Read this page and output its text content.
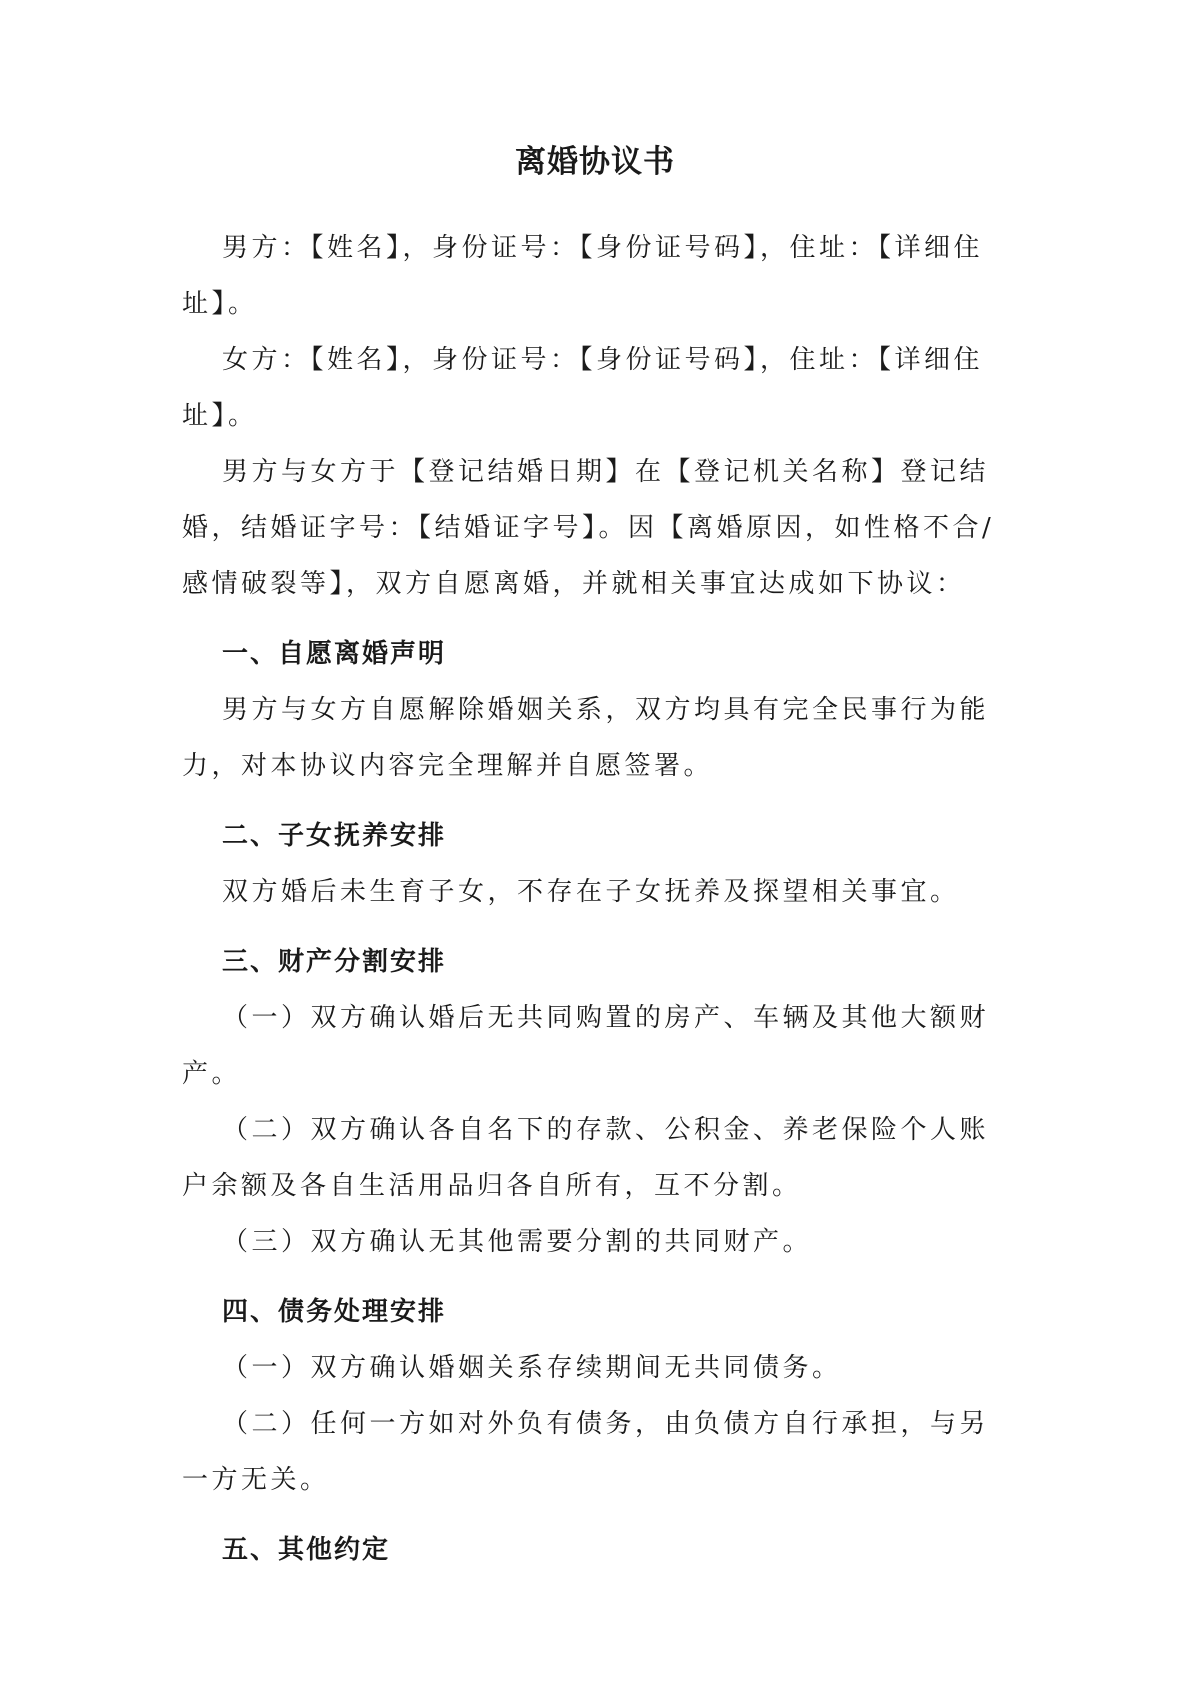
离婚协议书

男方：【姓名】，身份证号：【身份证号码】，住址：【详细住址】。

女方：【姓名】，身份证号：【身份证号码】，住址：【详细住址】。

男方与女方于【登记结婚日期】在【登记机关名称】登记结婚，结婚证字号：【结婚证字号】。因【离婚原因，如性格不合/感情破裂等】，双方自愿离婚，并就相关事宜达成如下协议：

一、自愿离婚声明

男方与女方自愿解除婚姻关系，双方均具有完全民事行为能力，对本协议内容完全理解并自愿签署。

二、子女抚养安排

双方婚后未生育子女，不存在子女抚养及探望相关事宜。

三、财产分割安排

（一）双方确认婚后无共同购置的房产、车辆及其他大额财产。

（二）双方确认各自名下的存款、公积金、养老保险个人账户余额及各自生活用品归各自所有，互不分割。

（三）双方确认无其他需要分割的共同财产。

四、债务处理安排

（一）双方确认婚姻关系存续期间无共同债务。

（二）任何一方如对外负有债务，由负债方自行承担，与另一方无关。

五、其他约定
